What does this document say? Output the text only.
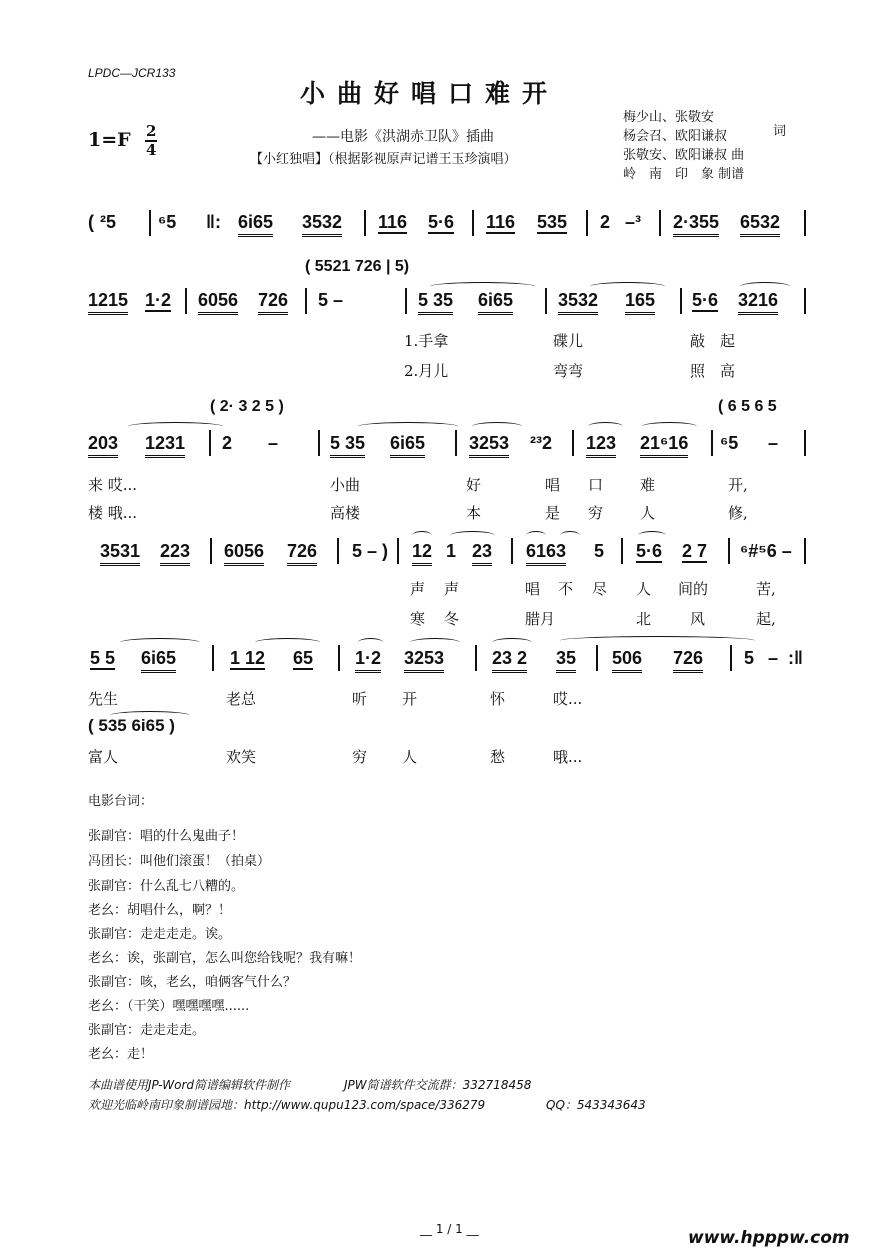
LPDC—JCR133
小曲好唱口难开
$1=F \frac{2}{4}$	——电影《洪湖赤卫队》插曲
【小红独唱】（根据影视原声记谱王玉珍演唱）
梅少山、张敬安
杨会召、欧阳谦叔
张敬安、欧阳谦叔 曲
岭　南　印　象 制谱
词
( ²5 ⁶5 ‖: 6i65 3532 116 5·6 116 535 2 –³ 2·355 6532
( 5521 726 | 5)
1215 1·2 6056 726 5 –	5 35 6i65 3532 165 5·6 3216
1.手拿	碟儿	敲　起
2.月儿	弯弯	照　高
( 2· 3 2 5 )	( 6 5 6 5
203 1231 2 –	5 35 6i65 3253 ²³2 123 21⁶16 ⁶5 –
来 哎...	小曲	好	唱 口 难	开,
楼 哦...	高楼	本	是 穷 人	修,
3531 223 6056 726 5 – ) 12 1 23 6163 5 5·6 2 7 ⁶#⁵6 –
声 声	唱 不 尽 人 间的	苦,
寒 冬	腊月	北	风	起,
5 5 6i65	1 12 65 1·2 3253	23 2 35 506 726 5 – :‖
先生	老总	听 开	怀	哎...
( 535 6i65 )
富人	欢笑	穷 人	愁	哦...
电影台词：
张副官：唱的什么鬼曲子！
冯团长：叫他们滚蛋！（拍桌）
张副官：什么乱七八糟的。
老幺：胡唱什么，啊？！
张副官：走走走走。诶。
老幺：诶，张副官，怎么叫您给钱呢？我有嘛！
张副官：咳，老幺，咱俩客气什么？
老幺：（干笑）嘿嘿嘿嘿......
张副官：走走走走。
老幺：走！
本曲谱使用JP-Word简谱编辑软件制作	JPW简谱软件交流群：332718458
欢迎光临岭南印象制谱园地：http://www.qupu123.com/space/336279	QQ：543343643
__ 1 / 1 __	www.hpppw.com
